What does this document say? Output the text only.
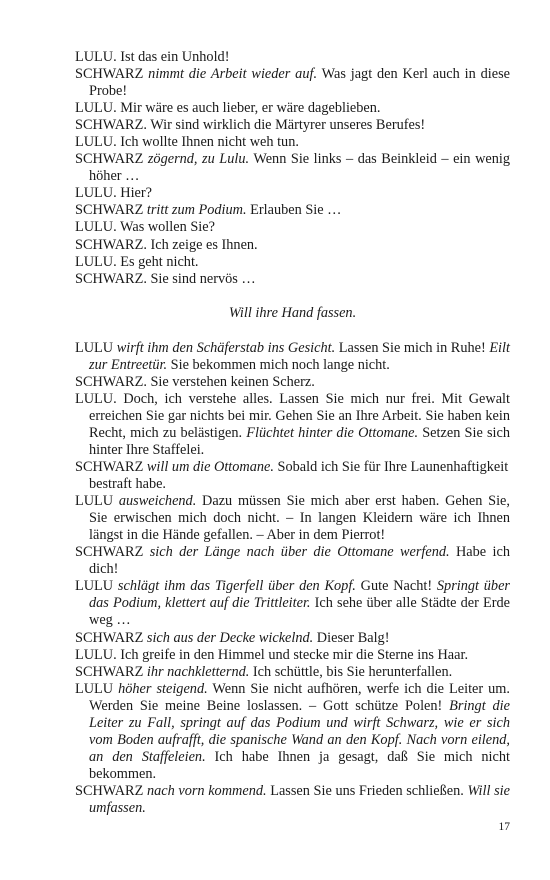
LULU. Ist das ein Unhold!

SCHWARZ nimmt die Arbeit wieder auf. Was jagt den Kerl auch in diese Probe!

LULU. Mir wäre es auch lieber, er wäre dageblieben.

SCHWARZ. Wir sind wirklich die Märtyrer unseres Berufes!

LULU. Ich wollte Ihnen nicht weh tun.

SCHWARZ zögernd, zu Lulu. Wenn Sie links – das Beinkleid – ein wenig höher …

LULU. Hier?

SCHWARZ tritt zum Podium. Erlauben Sie …

LULU. Was wollen Sie?

SCHWARZ. Ich zeige es Ihnen.

LULU. Es geht nicht.

SCHWARZ. Sie sind nervös …

Will ihre Hand fassen.

LULU wirft ihm den Schäferstab ins Gesicht. Lassen Sie mich in Ruhe! Eilt zur Entreetür. Sie bekommen mich noch lange nicht.

SCHWARZ. Sie verstehen keinen Scherz.

LULU. Doch, ich verstehe alles. Lassen Sie mich nur frei. Mit Gewalt erreichen Sie gar nichts bei mir. Gehen Sie an Ihre Arbeit. Sie haben kein Recht, mich zu belästigen. Flüchtet hinter die Ottomane. Setzen Sie sich hinter Ihre Staffelei.

SCHWARZ will um die Ottomane. Sobald ich Sie für Ihre Launenhaftigkeit bestraft habe.

LULU ausweichend. Dazu müssen Sie mich aber erst haben. Gehen Sie, Sie erwischen mich doch nicht. – In langen Kleidern wäre ich Ihnen längst in die Hände gefallen. – Aber in dem Pierrot!

SCHWARZ sich der Länge nach über die Ottomane werfend. Habe ich dich!

LULU schlägt ihm das Tigerfell über den Kopf. Gute Nacht! Springt über das Podium, klettert auf die Trittleiter. Ich sehe über alle Städte der Erde weg …

SCHWARZ sich aus der Decke wickelnd. Dieser Balg!

LULU. Ich greife in den Himmel und stecke mir die Sterne ins Haar.

SCHWARZ ihr nachkletternd. Ich schüttle, bis Sie herunterfallen.

LULU höher steigend. Wenn Sie nicht aufhören, werfe ich die Leiter um. Werden Sie meine Beine loslassen. – Gott schütze Polen! Bringt die Leiter zu Fall, springt auf das Podium und wirft Schwarz, wie er sich vom Boden aufrafft, die spanische Wand an den Kopf. Nach vorn eilend, an den Staffeleien. Ich habe Ihnen ja gesagt, daß Sie mich nicht bekommen.

SCHWARZ nach vorn kommend. Lassen Sie uns Frieden schließen. Will sie umfassen.

17
